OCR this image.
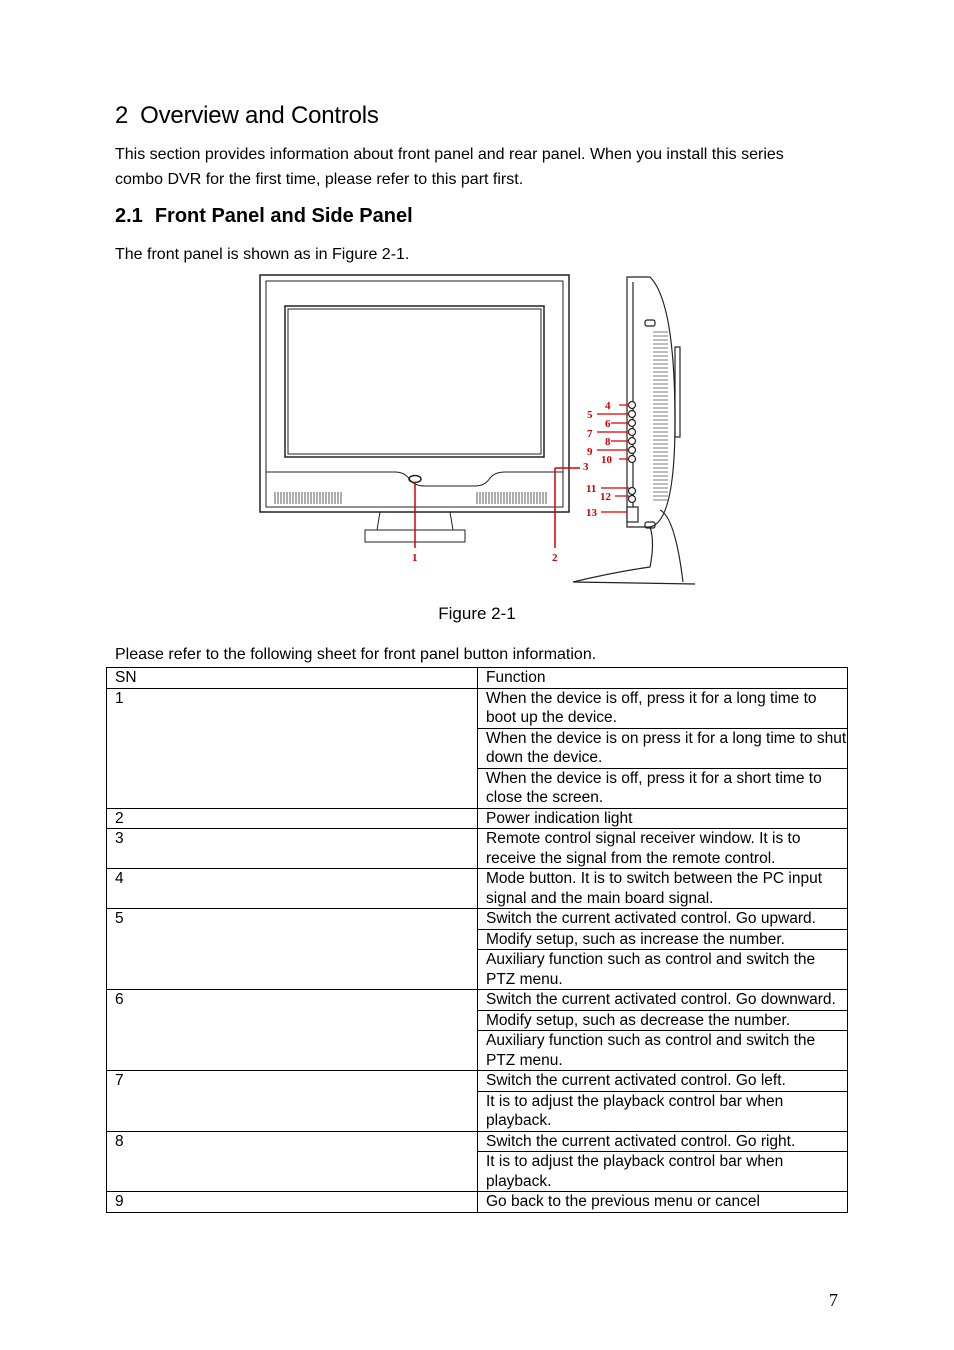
2 Overview and Controls

This section provides information about front panel and rear panel. When you install this series combo DVR for the first time, please refer to this part first.

2.1 Front Panel and Side Panel

The front panel is shown as in Figure 2-1.

1	2
3
4
5
6
7
8
9
10
11
12
13
Figure 2-1

Please refer to the following sheet for front panel button information.

SN	Function
1	When the device is off, press it for a long time to boot up the device.
	When the device is on press it for a long time to shut down the device.
	When the device is off, press it for a short time to close the screen.
2	Power indication light
3	Remote control signal receiver window. It is to receive the signal from the remote control.
4	Mode button. It is to switch between the PC input signal and the main board signal.
5	Switch the current activated control. Go upward.
	Modify setup, such as increase the number.
	Auxiliary function such as control and switch the PTZ menu.
6	Switch the current activated control. Go downward.
	Modify setup, such as decrease the number.
	Auxiliary function such as control and switch the PTZ menu.
7	Switch the current activated control. Go left.
	It is to adjust the playback control bar when playback.
8	Switch the current activated control. Go right.
	It is to adjust the playback control bar when playback.
9	Go back to the previous menu or cancel
7
